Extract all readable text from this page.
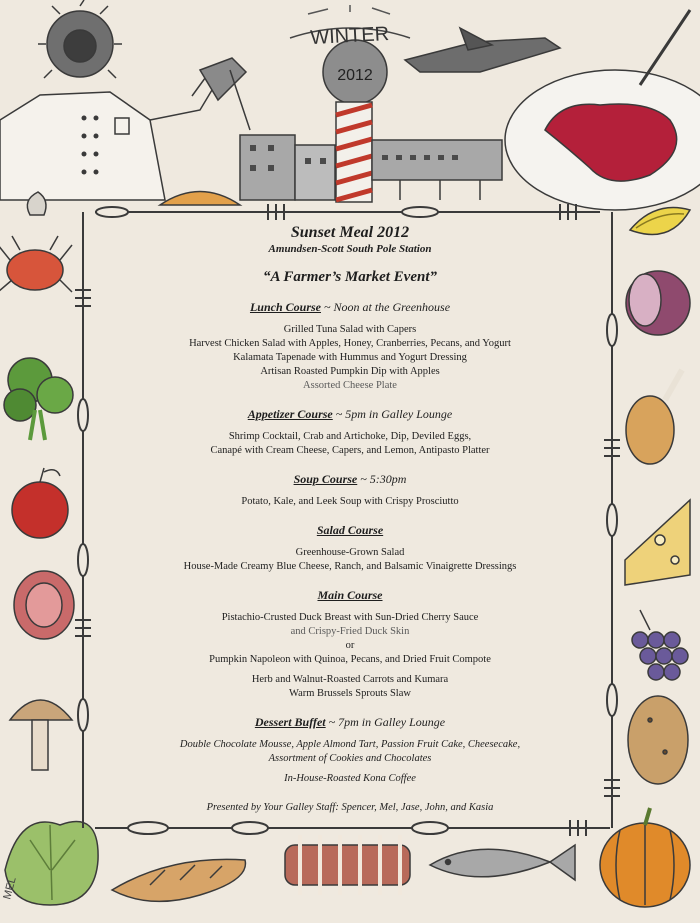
WINTER
2012
MEL
Sunset Meal 2012
Amundsen-Scott South Pole Station
“A Farmer’s Market Event”
Lunch Course ~ Noon at the Greenhouse
Grilled Tuna Salad with Capers
Harvest Chicken Salad with Apples, Honey, Cranberries, Pecans, and Yogurt
Kalamata Tapenade with Hummus and Yogurt Dressing
Artisan Roasted Pumpkin Dip with Apples
Assorted Cheese Plate
Appetizer Course ~ 5pm in Galley Lounge
Shrimp Cocktail, Crab and Artichoke, Dip, Deviled Eggs,
Canapé with Cream Cheese, Capers, and Lemon, Antipasto Platter
Soup Course ~ 5:30pm
Potato, Kale, and Leek Soup with Crispy Prosciutto
Salad Course
Greenhouse-Grown Salad
House-Made Creamy Blue Cheese, Ranch, and Balsamic Vinaigrette Dressings
Main Course
Pistachio-Crusted Duck Breast with Sun-Dried Cherry Sauce
and Crispy-Fried Duck Skin
or
Pumpkin Napoleon with Quinoa, Pecans, and Dried Fruit Compote
Herb and Walnut-Roasted Carrots and Kumara
Warm Brussels Sprouts Slaw
Dessert Buffet ~ 7pm in Galley Lounge
Double Chocolate Mousse, Apple Almond Tart, Passion Fruit Cake, Cheesecake,
Assortment of Cookies and Chocolates
In-House-Roasted Kona Coffee
Presented by Your Galley Staff: Spencer, Mel, Jase, John, and Kasia
